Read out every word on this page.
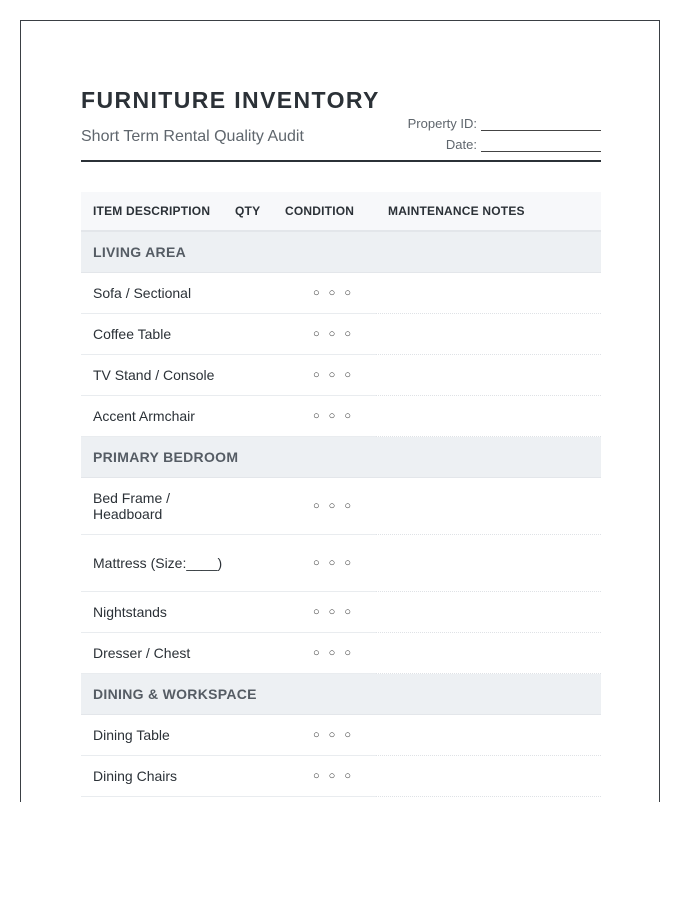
FURNITURE INVENTORY
Short Term Rental Quality Audit
Property ID:
Date:
ITEM DESCRIPTION	QTY	CONDITION	MAINTENANCE NOTES
LIVING AREA			
Sofa / Sectional		○ ○ ○	

Coffee Table		○ ○ ○	

TV Stand / Console		○ ○ ○	

Accent Armchair		○ ○ ○	

PRIMARY BEDROOM			
Bed Frame / Headboard		○ ○ ○	

Mattress (Size:____)		○ ○ ○	

Nightstands		○ ○ ○	

Dresser / Chest		○ ○ ○	

DINING & WORKSPACE			
Dining Table		○ ○ ○	

Dining Chairs		○ ○ ○	
